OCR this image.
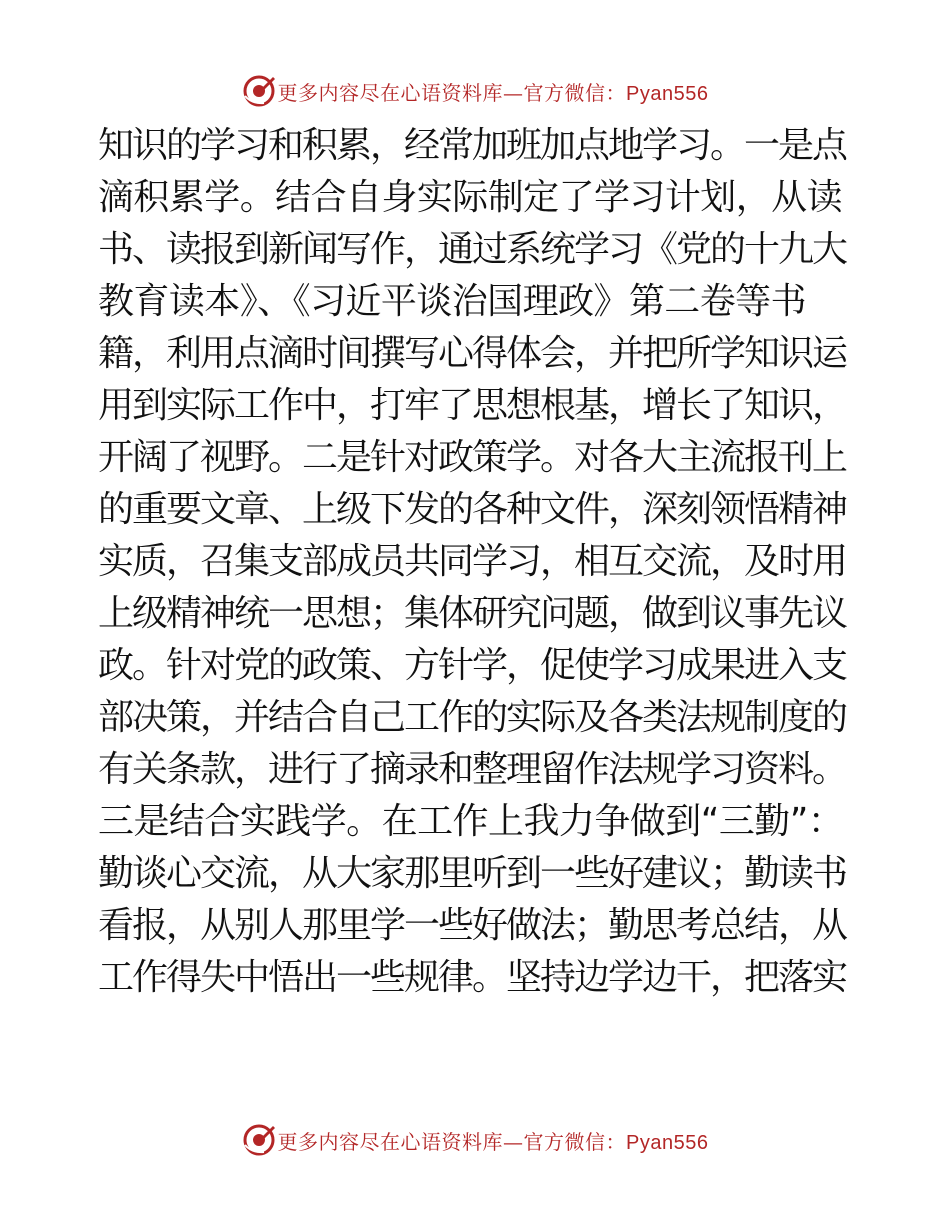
更多内容尽在心语资料库—官方微信：Pyan556
知识的学习和积累，经常加班加点地学习。一是点
滴积累学。结合自身实际制定了学习计划，从读
书、读报到新闻写作，通过系统学习《党的十九大
教育读本》、《习近平谈治国理政》第二卷等书
籍，利用点滴时间撰写心得体会，并把所学知识运
用到实际工作中，打牢了思想根基，增长了知识，
开阔了视野。二是针对政策学。对各大主流报刊上
的重要文章、上级下发的各种文件，深刻领悟精神
实质，召集支部成员共同学习，相互交流，及时用
上级精神统一思想；集体研究问题，做到议事先议
政。针对党的政策、方针学，促使学习成果进入支
部决策，并结合自己工作的实际及各类法规制度的
有关条款，进行了摘录和整理留作法规学习资料。
三是结合实践学。在工作上我力争做到“三勤”：
勤谈心交流，从大家那里听到一些好建议；勤读书
看报，从别人那里学一些好做法；勤思考总结，从
工作得失中悟出一些规律。坚持边学边干，把落实
更多内容尽在心语资料库—官方微信：Pyan556
